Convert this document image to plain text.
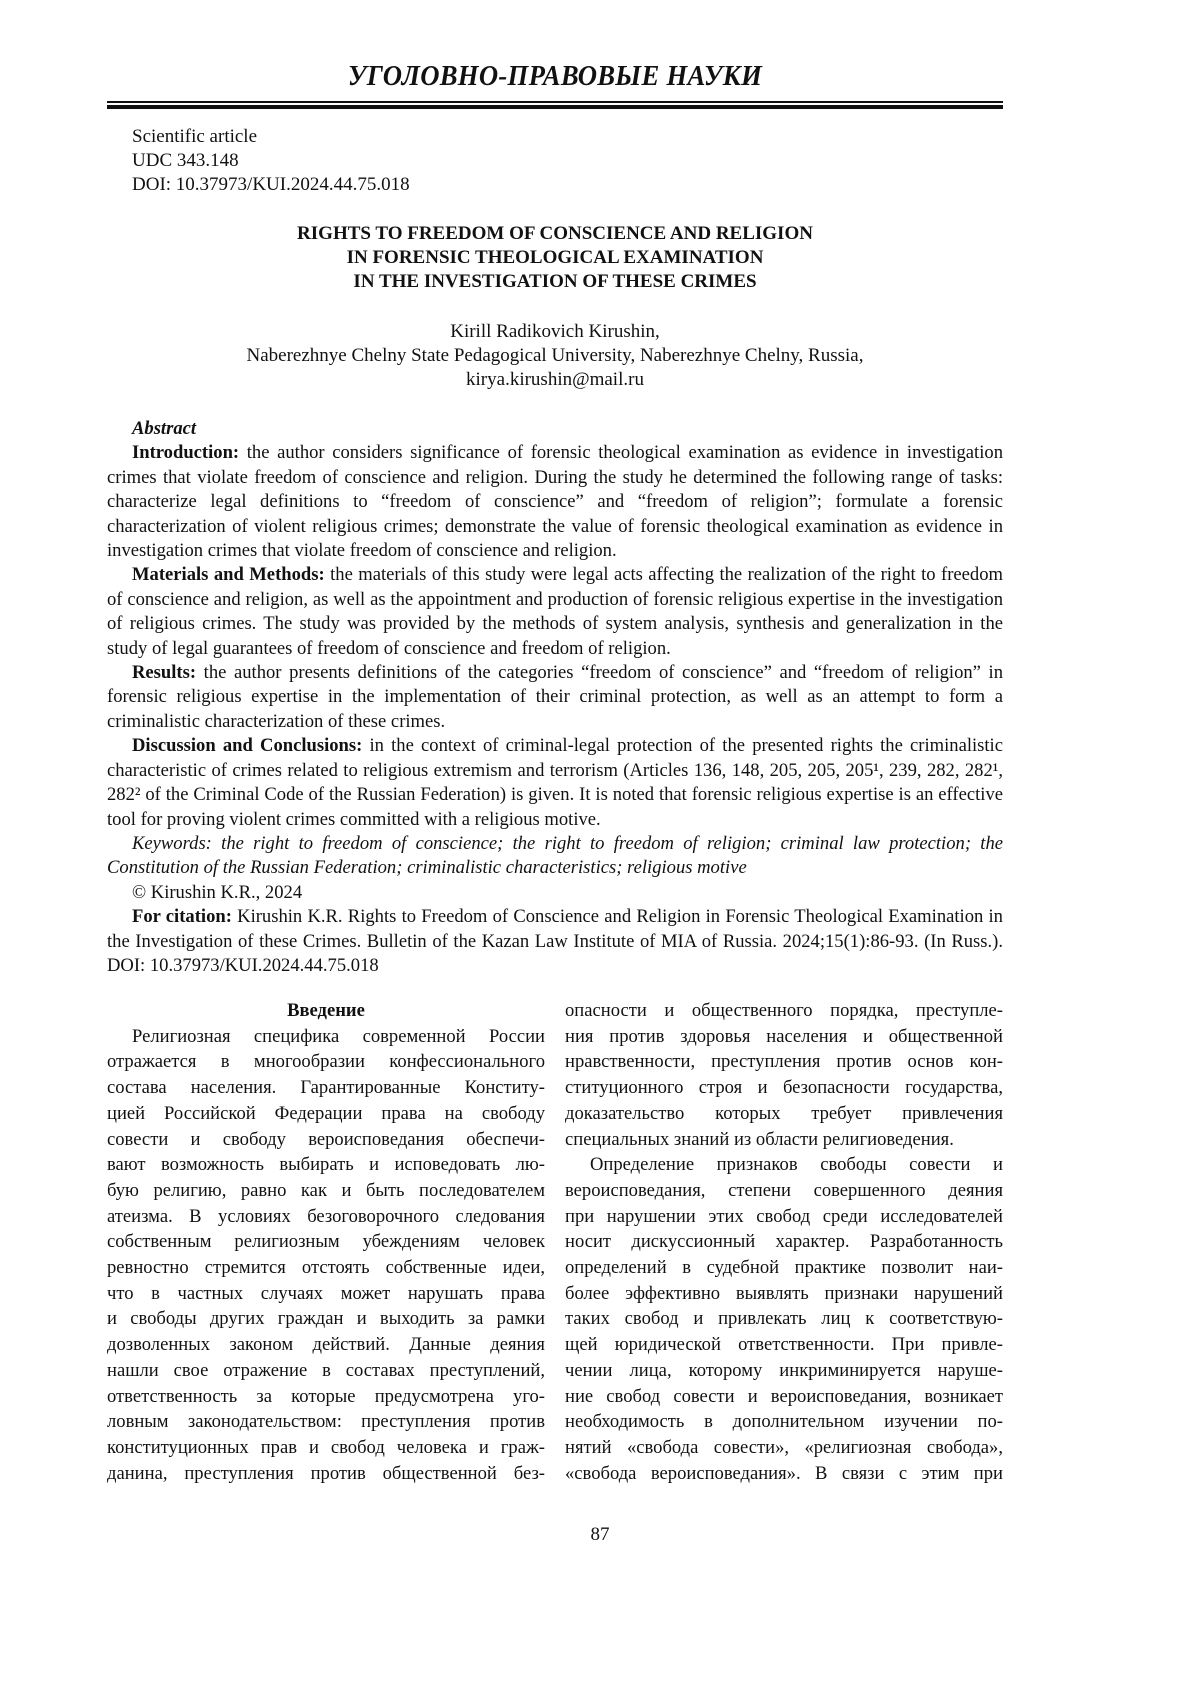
УГОЛОВНО-ПРАВОВЫЕ НАУКИ
Scientific article
UDC 343.148
DOI: 10.37973/KUI.2024.44.75.018
RIGHTS TO FREEDOM OF CONSCIENCE AND RELIGION
IN FORENSIC THEOLOGICAL EXAMINATION
IN THE INVESTIGATION OF THESE CRIMES
Kirill Radikovich Kirushin,
Naberezhnye Chelny State Pedagogical University, Naberezhnye Chelny, Russia,
kirya.kirushin@mail.ru

Abstract

Introduction: the author considers significance of forensic theological examination as evidence in investigation crimes that violate freedom of conscience and religion. During the study he determined the following range of tasks: characterize legal definitions to “freedom of conscience” and “freedom of religion”; formulate a forensic characterization of violent religious crimes; demonstrate the value of forensic theological examination as evidence in investigation crimes that violate freedom of conscience and religion.

Materials and Methods: the materials of this study were legal acts affecting the realization of the right to freedom of conscience and religion, as well as the appointment and production of forensic religious expertise in the investigation of religious crimes. The study was provided by the methods of system analysis, synthesis and generalization in the study of legal guarantees of freedom of conscience and freedom of religion.

Results: the author presents definitions of the categories “freedom of conscience” and “freedom of religion” in forensic religious expertise in the implementation of their criminal protection, as well as an attempt to form a criminalistic characterization of these crimes.

Discussion and Conclusions: in the context of criminal-legal protection of the presented rights the criminalistic characteristic of crimes related to religious extremism and terrorism (Articles 136, 148, 205, 205, 205¹, 239, 282, 282¹, 282² of the Criminal Code of the Russian Federation) is given. It is noted that forensic religious expertise is an effective tool for proving violent crimes committed with a religious motive.

Keywords: the right to freedom of conscience; the right to freedom of religion; criminal law protection; the Constitution of the Russian Federation; criminalistic characteristics; religious motive

© Kirushin K.R., 2024

For citation: Kirushin K.R. Rights to Freedom of Conscience and Religion in Forensic Theological Examination in the Investigation of these Crimes. Bulletin of the Kazan Law Institute of MIA of Russia. 2024;15(1):86-93. (In Russ.). DOI: 10.37973/KUI.2024.44.75.018

Введение
Религиозная специфика современной России
отражается в многообразии конфессионального
состава населения. Гарантированные Конститу-
цией Российской Федерации права на свободу
совести и свободу вероисповедания обеспечи-
вают возможность выбирать и исповедовать лю-
бую религию, равно как и быть последователем
атеизма. В условиях безоговорочного следования
собственным религиозным убеждениям человек
ревностно стремится отстоять собственные идеи,
что в частных случаях может нарушать права
и свободы других граждан и выходить за рамки
дозволенных законом действий. Данные деяния
нашли свое отражение в составах преступлений,
ответственность за которые предусмотрена уго-
ловным законодательством: преступления против
конституционных прав и свобод человека и граж-
данина, преступления против общественной без-
опасности и общественного порядка, преступле-
ния против здоровья населения и общественной
нравственности, преступления против основ кон-
ституционного строя и безопасности государства,
доказательство которых требует привлечения
специальных знаний из области религиоведения.
Определение признаков свободы совести и
вероисповедания, степени совершенного деяния
при нарушении этих свобод среди исследователей
носит дискуссионный характер. Разработанность
определений в судебной практике позволит наи-
более эффективно выявлять признаки нарушений
таких свобод и привлекать лиц к соответствую-
щей юридической ответственности. При привле-
чении лица, которому инкриминируется наруше-
ние свобод совести и вероисповедания, возникает
необходимость в дополнительном изучении по-
нятий «свобода совести», «религиозная свобода»,
«свобода вероисповедания». В связи с этим при
87
